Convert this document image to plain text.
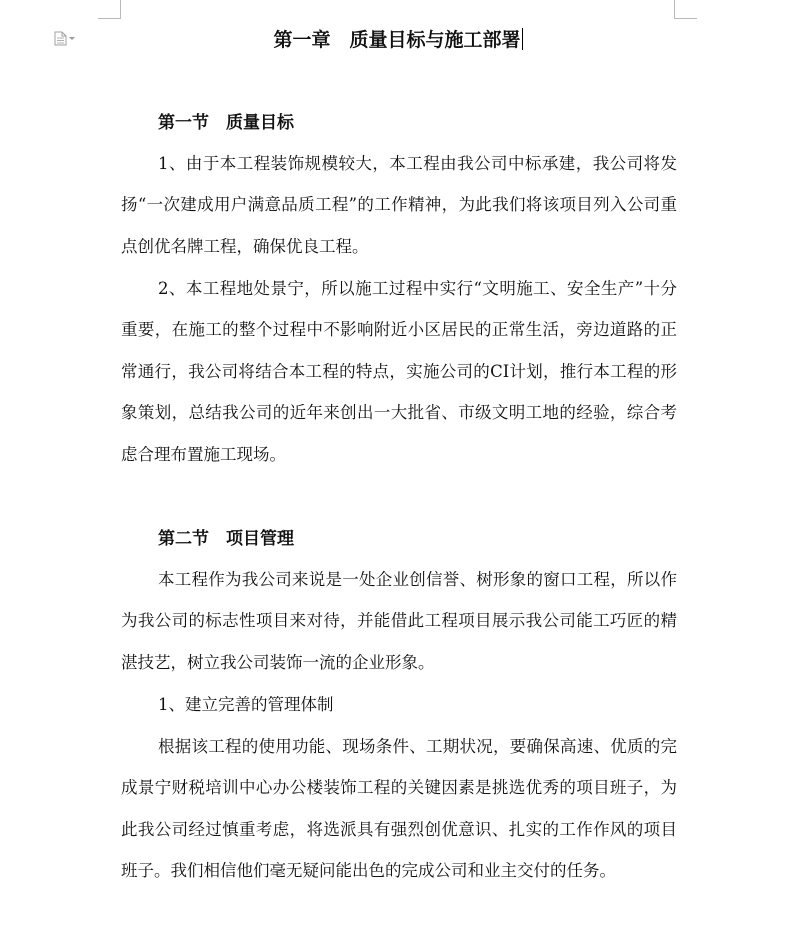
第一章　质量目标与施工部署
第一节　质量目标

1、由于本工程装饰规模较大，本工程由我公司中标承建，我公司将发扬“一次建成用户满意品质工程”的工作精神，为此我们将该项目列入公司重点创优名牌工程，确保优良工程。

2、本工程地处景宁，所以施工过程中实行“文明施工、安全生产”十分重要，在施工的整个过程中不影响附近小区居民的正常生活，旁边道路的正常通行，我公司将结合本工程的特点，实施公司的CI计划，推行本工程的形象策划，总结我公司的近年来创出一大批省、市级文明工地的经验，综合考虑合理布置施工现场。

第二节　项目管理

本工程作为我公司来说是一处企业创信誉、树形象的窗口工程，所以作为我公司的标志性项目来对待，并能借此工程项目展示我公司能工巧匠的精湛技艺，树立我公司装饰一流的企业形象。

1、建立完善的管理体制

根据该工程的使用功能、现场条件、工期状况，要确保高速、优质的完成景宁财税培训中心办公楼装饰工程的关键因素是挑选优秀的项目班子，为此我公司经过慎重考虑，将选派具有强烈创优意识、扎实的工作作风的项目班子。我们相信他们毫无疑问能出色的完成公司和业主交付的任务。
